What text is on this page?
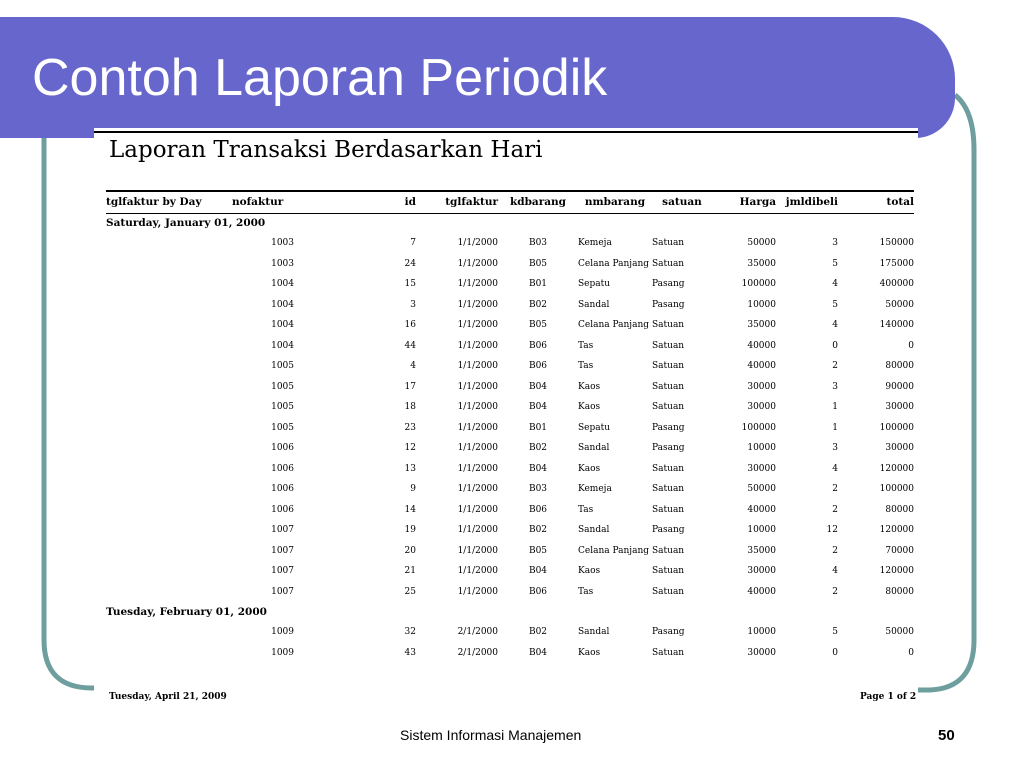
Contoh Laporan Periodik
Laporan Transaksi Berdasarkan Hari
tglfaktur by Day	nofaktur	id	tglfaktur	kdbarang	nmbarang	satuan	Harga	jmldibeli	total
Saturday, January 01, 2000									
	1003	7	1/1/2000	B03	Kemeja	Satuan	50000	3	150000
	1003	24	1/1/2000	B05	Celana Panjang	Satuan	35000	5	175000
	1004	15	1/1/2000	B01	Sepatu	Pasang	100000	4	400000
	1004	3	1/1/2000	B02	Sandal	Pasang	10000	5	50000
	1004	16	1/1/2000	B05	Celana Panjang	Satuan	35000	4	140000
	1004	44	1/1/2000	B06	Tas	Satuan	40000	0	0
	1005	4	1/1/2000	B06	Tas	Satuan	40000	2	80000
	1005	17	1/1/2000	B04	Kaos	Satuan	30000	3	90000
	1005	18	1/1/2000	B04	Kaos	Satuan	30000	1	30000
	1005	23	1/1/2000	B01	Sepatu	Pasang	100000	1	100000
	1006	12	1/1/2000	B02	Sandal	Pasang	10000	3	30000
	1006	13	1/1/2000	B04	Kaos	Satuan	30000	4	120000
	1006	9	1/1/2000	B03	Kemeja	Satuan	50000	2	100000
	1006	14	1/1/2000	B06	Tas	Satuan	40000	2	80000
	1007	19	1/1/2000	B02	Sandal	Pasang	10000	12	120000
	1007	20	1/1/2000	B05	Celana Panjang	Satuan	35000	2	70000
	1007	21	1/1/2000	B04	Kaos	Satuan	30000	4	120000
	1007	25	1/1/2000	B06	Tas	Satuan	40000	2	80000
Tuesday, February 01, 2000									
	1009	32	2/1/2000	B02	Sandal	Pasang	10000	5	50000
	1009	43	2/1/2000	B04	Kaos	Satuan	30000	0	0
Tuesday, April 21, 2009	Page 1 of 2
Sistem Informasi Manajemen	50
